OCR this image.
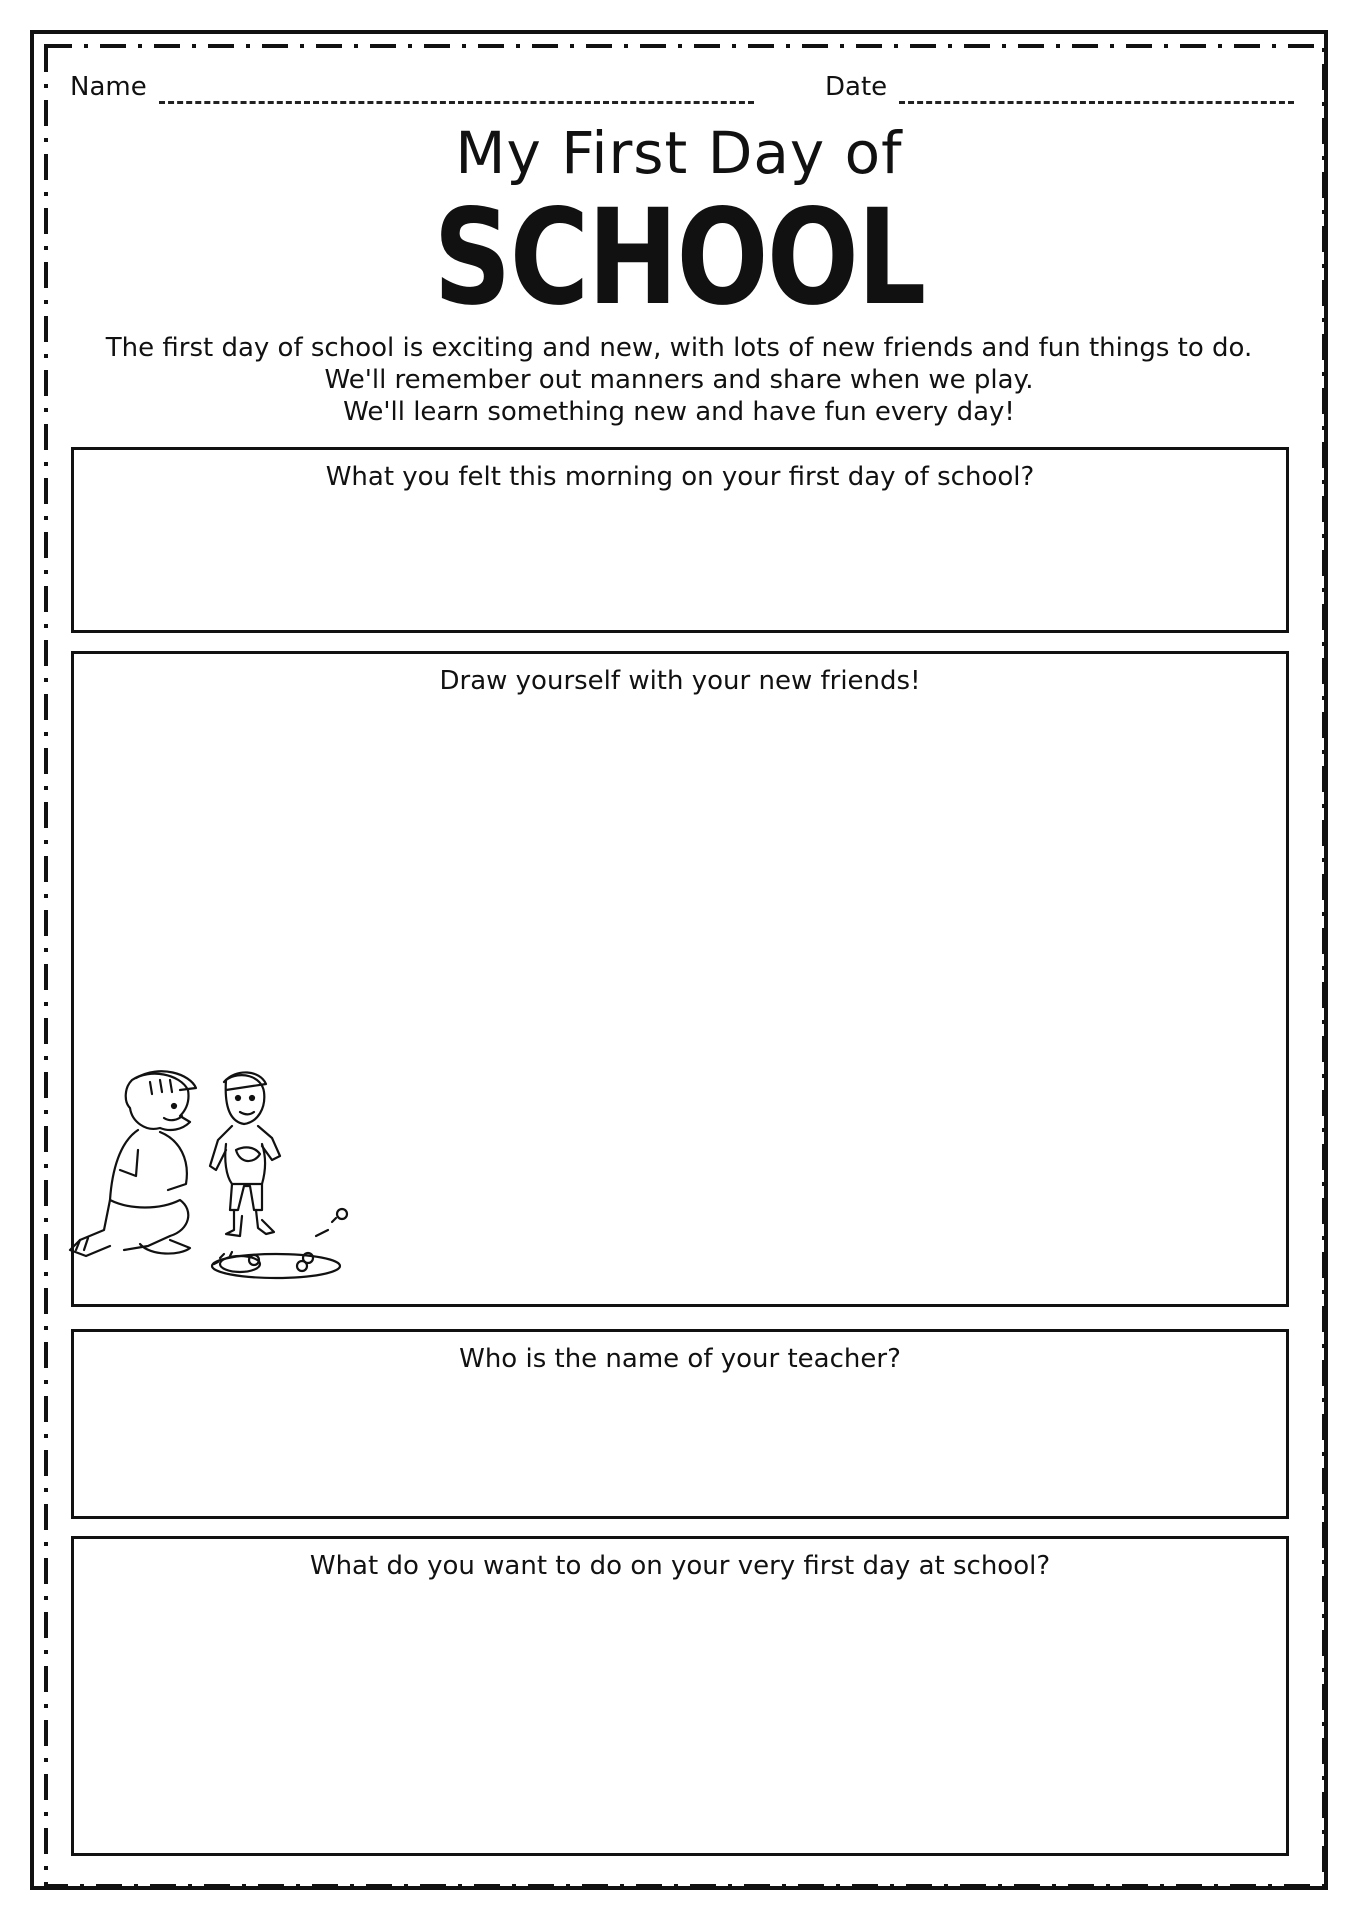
Name	Date
My First Day of
SCHOOL
The first day of school is exciting and new, with lots of new friends and fun things to do.
We'll remember out manners and share when we play.
We'll learn something new and have fun every day!
What you felt this morning on your first day of school?
Draw yourself with your new friends!
Who is the name of your teacher?
What do you want to do on your very first day at school?
